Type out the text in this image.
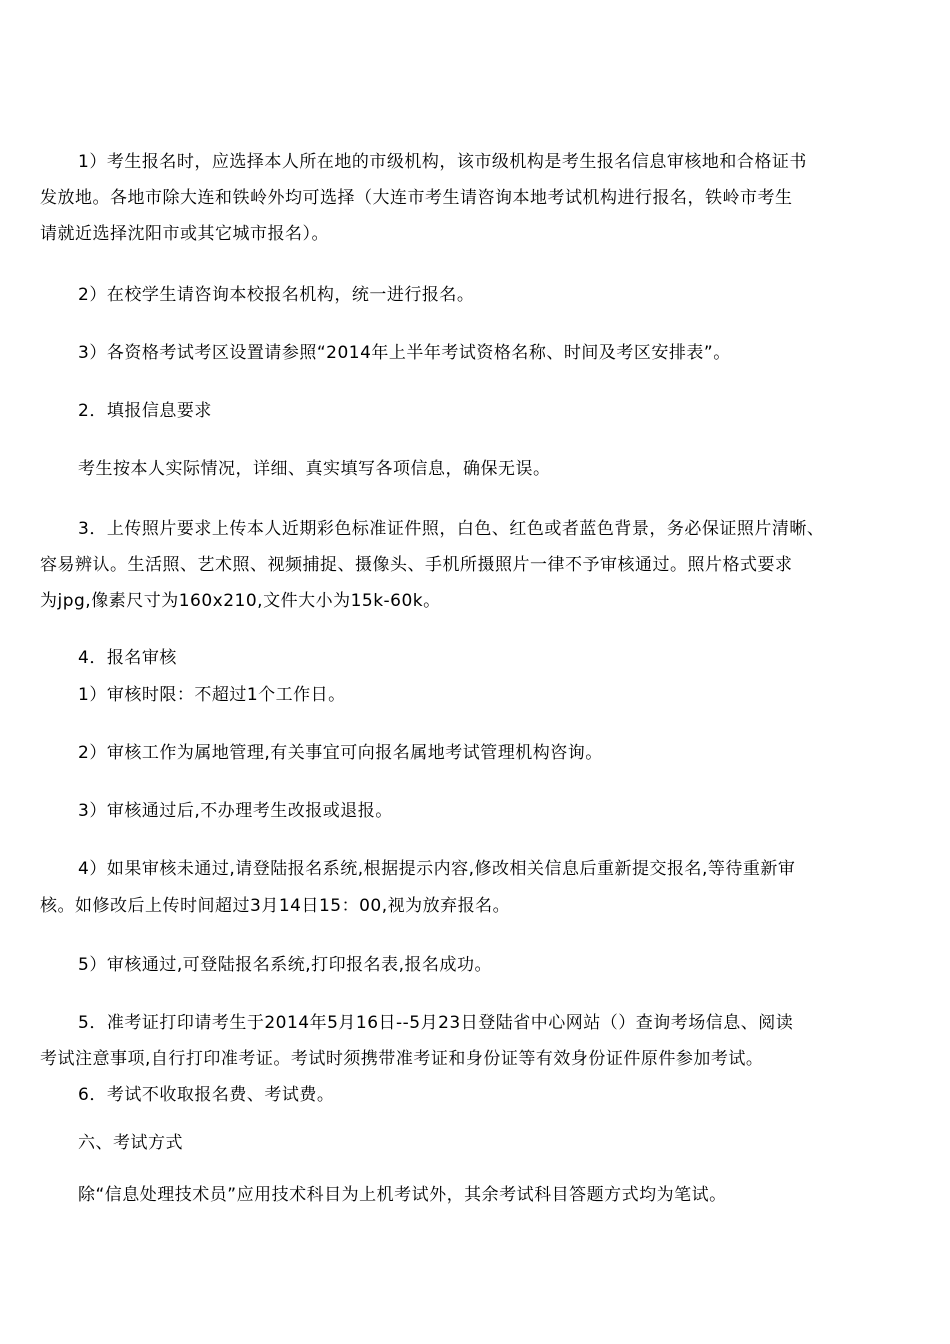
1）考生报名时，应选择本人所在地的市级机构，该市级机构是考生报名信息审核地和合格证书
发放地。各地市除大连和铁岭外均可选择（大连市考生请咨询本地考试机构进行报名，铁岭市考生
请就近选择沈阳市或其它城市报名）。
2）在校学生请咨询本校报名机构，统一进行报名。
3）各资格考试考区设置请参照“2014年上半年考试资格名称、时间及考区安排表”。
2．填报信息要求
考生按本人实际情况，详细、真实填写各项信息，确保无误。
3．上传照片要求上传本人近期彩色标准证件照，白色、红色或者蓝色背景，务必保证照片清晰、
容易辨认。生活照、艺术照、视频捕捉、摄像头、手机所摄照片一律不予审核通过。照片格式要求
为jpg,像素尺寸为160x210,文件大小为15k-60k。
4．报名审核
1）审核时限：不超过1个工作日。
2）审核工作为属地管理,有关事宜可向报名属地考试管理机构咨询。
3）审核通过后,不办理考生改报或退报。
4）如果审核未通过,请登陆报名系统,根据提示内容,修改相关信息后重新提交报名,等待重新审
核。如修改后上传时间超过3月14日15：00,视为放弃报名。
5）审核通过,可登陆报名系统,打印报名表,报名成功。
5．准考证打印请考生于2014年5月16日--5月23日登陆省中心网站（）查询考场信息、阅读
考试注意事项,自行打印准考证。考试时须携带准考证和身份证等有效身份证件原件参加考试。
6．考试不收取报名费、考试费。
六、考试方式
除“信息处理技术员”应用技术科目为上机考试外，其余考试科目答题方式均为笔试。
